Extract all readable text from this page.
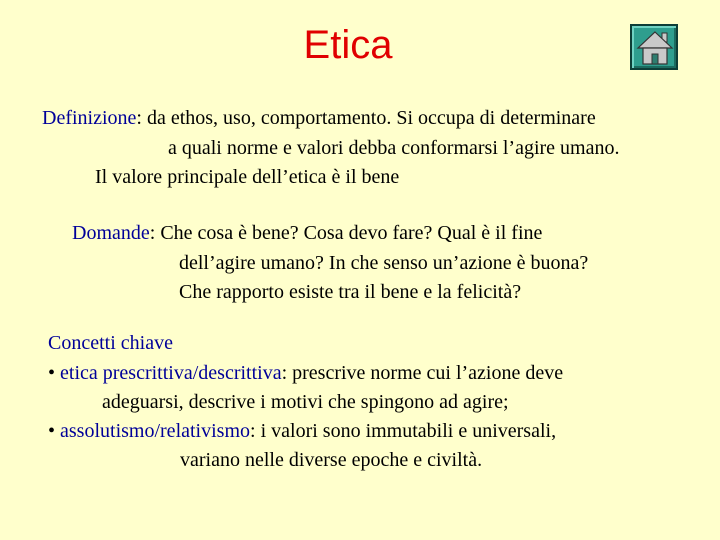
Etica
Definizione: da ethos, uso, comportamento. Si occupa di determinare
a quali norme e valori debba conformarsi l’agire umano.
Il valore principale dell’etica è il bene
Domande: Che cosa è bene? Cosa devo fare? Qual è il fine
dell’agire umano? In che senso un’azione è buona?
Che rapporto esiste tra il bene e la felicità?
Concetti chiave
• etica prescrittiva/descrittiva: prescrive norme cui l’azione deve
adeguarsi, descrive i motivi che spingono ad agire;
• assolutismo/relativismo: i valori sono immutabili e universali,
variano nelle diverse epoche e civiltà.
